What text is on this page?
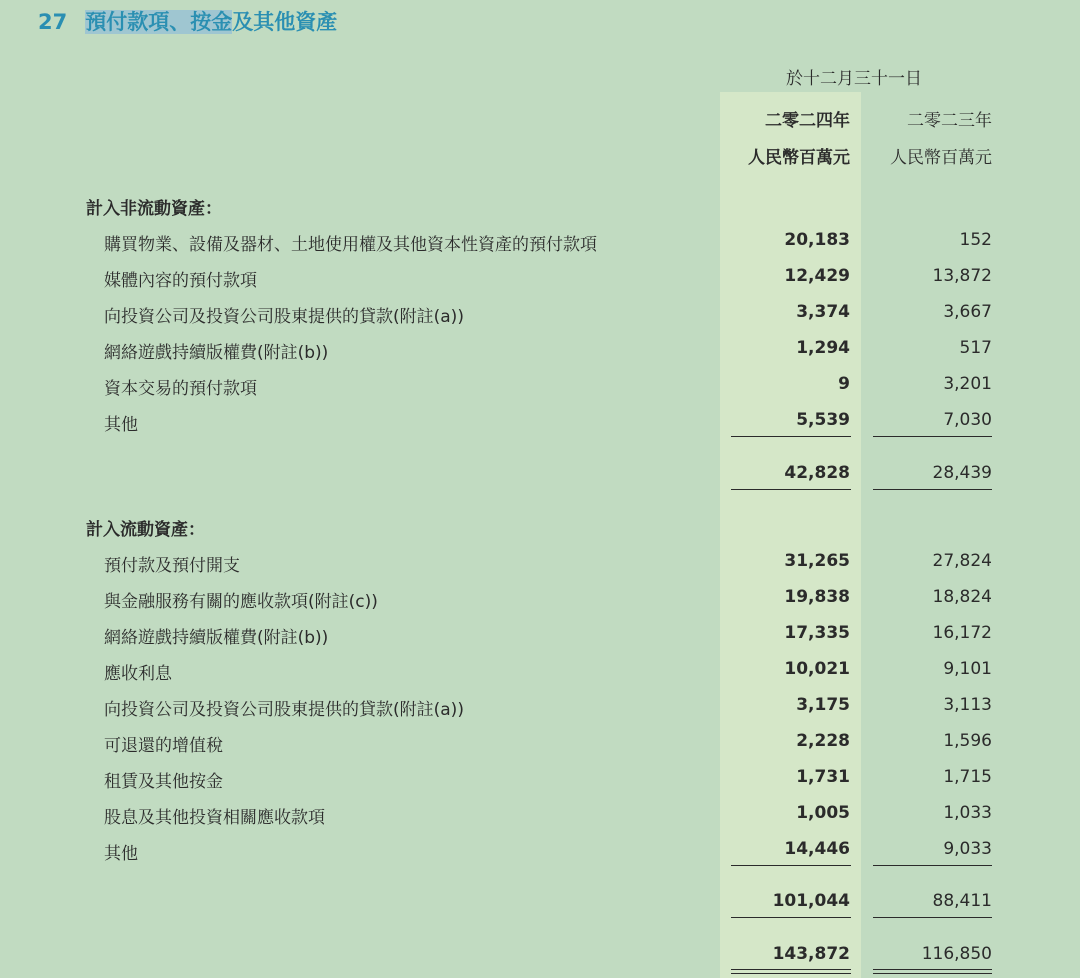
27 預付款項、按金及其他資產
於十二月三十一日
二零二四年	二零二三年
人民幣百萬元	人民幣百萬元
計入非流動資產：
購買物業、設備及器材、土地使用權及其他資本性資產的預付款項	20,183	152
媒體內容的預付款項	12,429	13,872
向投資公司及投資公司股東提供的貸款(附註(a))	3,374	3,667
網絡遊戲持續版權費(附註(b))	1,294	517
資本交易的預付款項	9	3,201
其他	5,539	7,030
42,828	28,439
計入流動資產：
預付款及預付開支	31,265	27,824
與金融服務有關的應收款項(附註(c))	19,838	18,824
網絡遊戲持續版權費(附註(b))	17,335	16,172
應收利息	10,021	9,101
向投資公司及投資公司股東提供的貸款(附註(a))	3,175	3,113
可退還的增值稅	2,228	1,596
租賃及其他按金	1,731	1,715
股息及其他投資相關應收款項	1,005	1,033
其他	14,446	9,033
101,044	88,411
143,872	116,850
